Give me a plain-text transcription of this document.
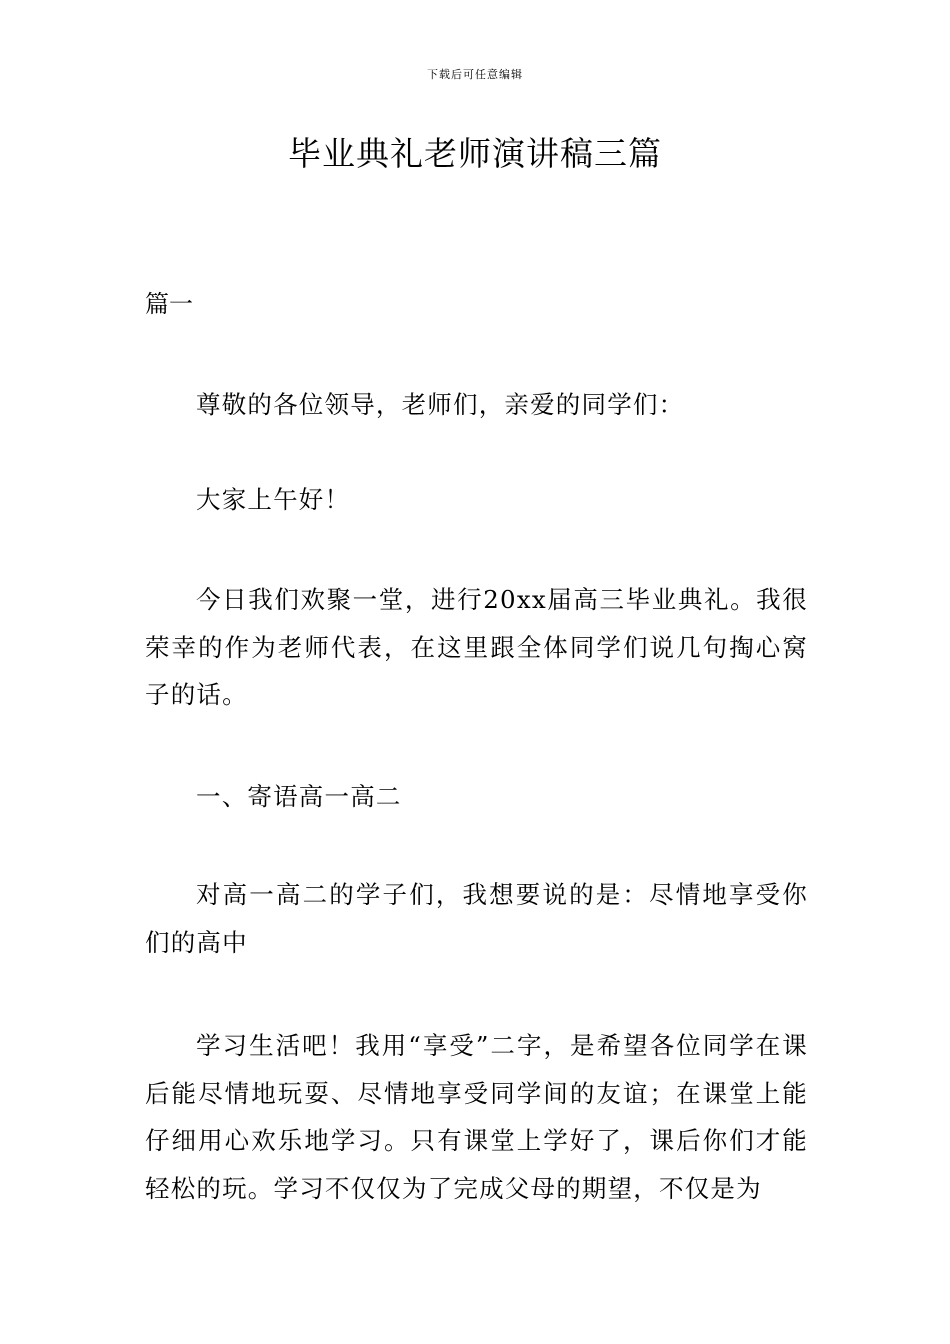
下载后可任意编辑
毕业典礼老师演讲稿三篇
篇一

尊敬的各位领导，老师们，亲爱的同学们：

大家上午好！

今日我们欢聚一堂，进行20xx届高三毕业典礼。我很荣幸的作为老师代表，在这里跟全体同学们说几句掏心窝子的话。

一、寄语高一高二

对高一高二的学子们，我想要说的是：尽情地享受你们的高中

学习生活吧！我用“享受”二字，是希望各位同学在课后能尽情地玩耍、尽情地享受同学间的友谊；在课堂上能仔细用心欢乐地学习。只有课堂上学好了，课后你们才能轻松的玩。学习不仅仅为了完成父母的期望，不仅是为
